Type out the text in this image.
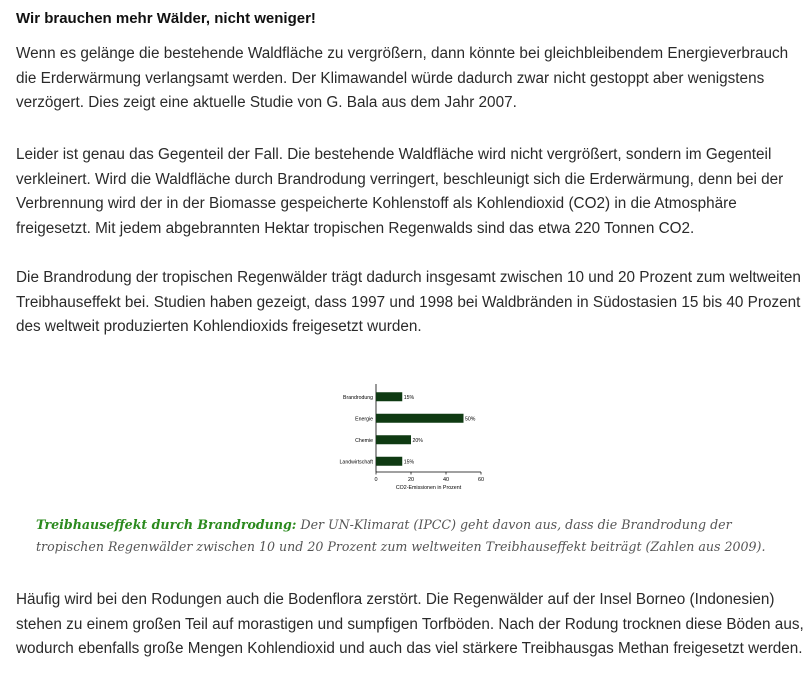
Wir brauchen mehr Wälder, nicht weniger!

Wenn es gelänge die bestehende Waldfläche zu vergrößern, dann könnte bei gleichbleibendem Energieverbrauch die Erderwärmung verlangsamt werden. Der Klimawandel würde dadurch zwar nicht gestoppt aber wenigstens verzögert. Dies zeigt eine aktuelle Studie von G. Bala aus dem Jahr 2007.

Leider ist genau das Gegenteil der Fall. Die bestehende Waldfläche wird nicht vergrößert, sondern im Gegenteil verkleinert. Wird die Waldfläche durch Brandrodung verringert, beschleunigt sich die Erderwärmung, denn bei der Verbrennung wird der in der Biomasse gespeicherte Kohlenstoff als Kohlendioxid (CO2) in die Atmosphäre freigesetzt. Mit jedem abgebrannten Hektar tropischen Regenwalds sind das etwa 220 Tonnen CO2.

Die Brandrodung der tropischen Regenwälder trägt dadurch insgesamt zwischen 10 und 20 Prozent zum weltweiten Treibhauseffekt bei. Studien haben gezeigt, dass 1997 und 1998 bei Waldbränden in Südostasien 15 bis 40 Prozent des weltweit produzierten Kohlendioxids freigesetzt wurden.

Brandrodung	15%
Energie	50%
Chemie	20%
Landwirtschaft	15%
0	20	40	60
CO2-Emissionen in Prozent

Treibhauseffekt durch Brandrodung: Der UN-Klimarat (IPCC) geht davon aus, dass die Brandrodung der tropischen Regenwälder zwischen 10 und 20 Prozent zum weltweiten Treibhauseffekt beiträgt (Zahlen aus 2009).

Häufig wird bei den Rodungen auch die Bodenflora zerstört. Die Regenwälder auf der Insel Borneo (Indonesien) stehen zu einem großen Teil auf morastigen und sumpfigen Torfböden. Nach der Rodung trocknen diese Böden aus, wodurch ebenfalls große Mengen Kohlendioxid und auch das viel stärkere Treibhausgas Methan freigesetzt werden.
